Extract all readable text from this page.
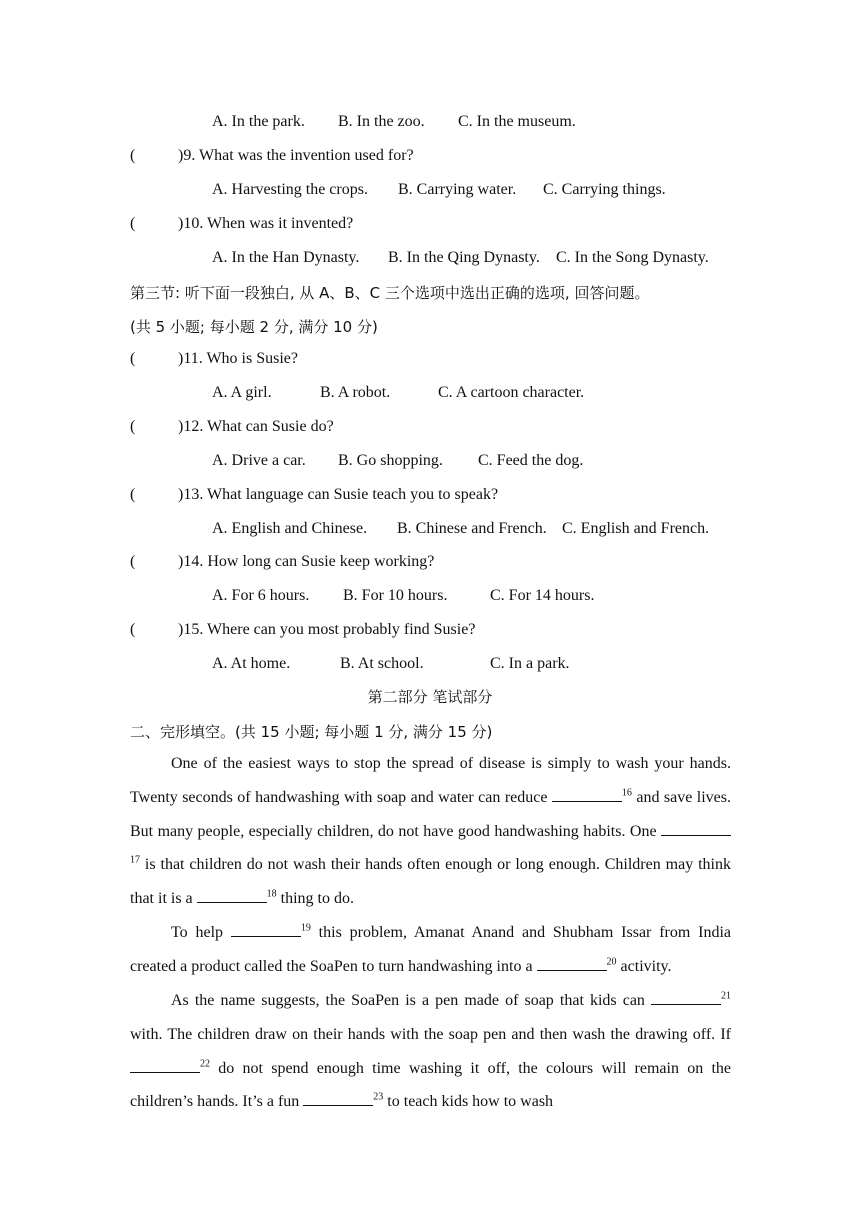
A. In the park. B. In the zoo. C. In the museum.
(	)9. What was the invention used for?
A. Harvesting the crops. B. Carrying water. C. Carrying things.
(	)10. When was it invented?
A. In the Han Dynasty. B. In the Qing Dynasty. C. In the Song Dynasty.
第三节: 听下面一段独白, 从 A、B、C 三个选项中选出正确的选项, 回答问题。
(共 5 小题; 每小题 2 分, 满分 10 分)
(	)11. Who is Susie?
A. A girl.	B. A robot.	C. A cartoon character.
(	)12. What can Susie do?
A. Drive a car. B. Go shopping. C. Feed the dog.
(	)13. What language can Susie teach you to speak?
A. English and Chinese. B. Chinese and French. C. English and French.
(	)14. How long can Susie keep working?
A. For 6 hours. B. For 10 hours.	C. For 14 hours.
(	)15. Where can you most probably find Susie?
A. At home.	B. At school.	C. In a park.
第二部分 笔试部分
二、完形填空。(共 15 小题; 每小题 1 分, 满分 15 分)
One of the easiest ways to stop the spread of disease is simply to wash your hands. Twenty seconds of handwashing with soap and water can reduce	$^{16}$ and save lives. But many people, especially children, do not have good handwashing habits. One $^{17}$ is that children do not wash their hands often enough or long enough. Children may think that it is a	$^{18}$ thing to do.
To help	$^{19}$ this problem, Amanat Anand and Shubham Issar from India created a product called the SoaPen to turn handwashing into a	$^{20}$ activity.
As the name suggests, the SoaPen is a pen made of soap that kids can	$^{21}$ with. The children draw on their hands with the soap pen and then wash the drawing off. If $^{22}$ do not spend enough time washing it off, the colours will remain on the children’s hands. It’s a fun	$^{23}$ to teach kids how to wash
